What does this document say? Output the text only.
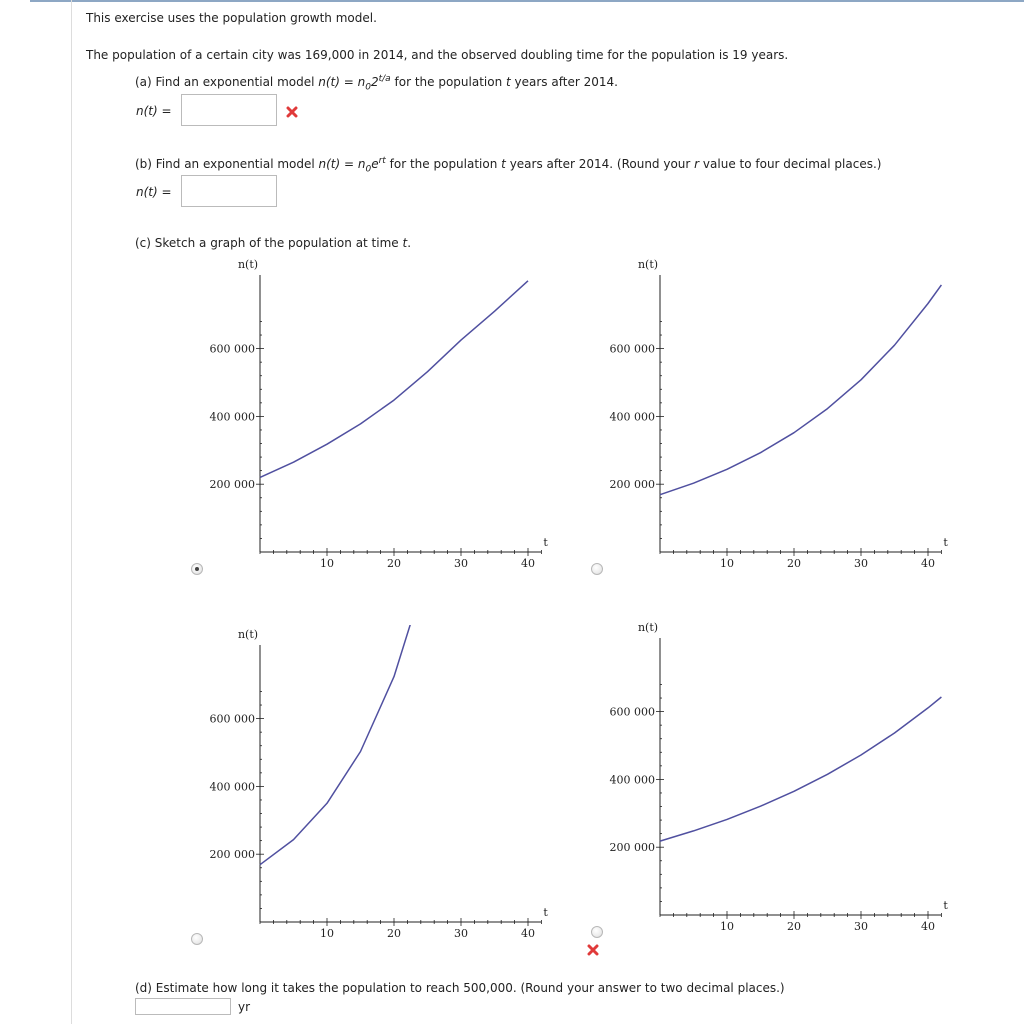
This exercise uses the population growth model.
The population of a certain city was 169,000 in 2014, and the observed doubling time for the population is 19 years.
(a) Find an exponential model $n(t) = n_02^{t/a}$ for the population t years after 2014.
n(t) =
(b) Find an exponential model $n(t) = n_0e^{rt}$ for the population t years after 2014. (Round your r value to four decimal places.)
n(t) =
(c) Sketch a graph of the population at time t.
10	20	30	40
200 000
400 000
600 000
t
n(t)
10	20	30	40
200 000
400 000
600 000
t
n(t)
10	20	30	40
200 000
400 000
600 000
t
n(t)
10	20	30	40
200 000
400 000
600 000
t
n(t)
(d) Estimate how long it takes the population to reach 500,000. (Round your answer to two decimal places.)
yr
